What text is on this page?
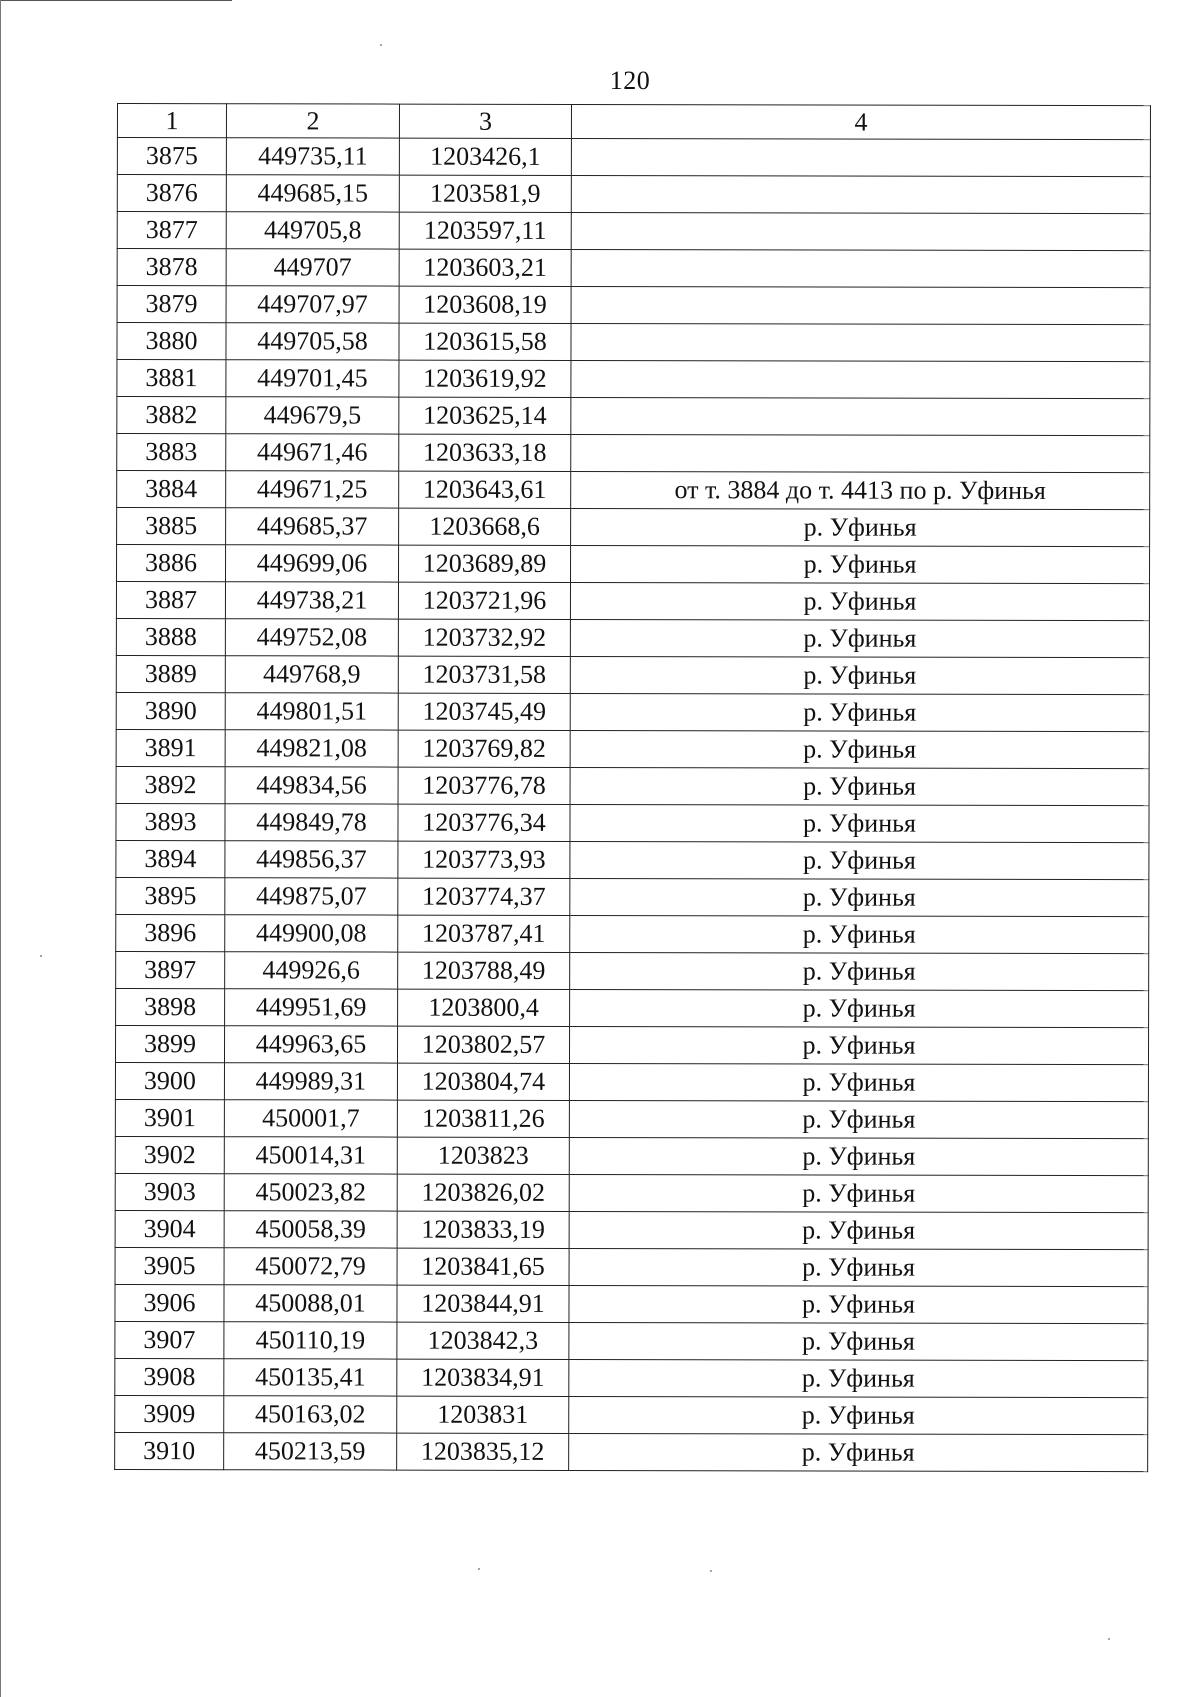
120
1	2	3	4
3875	449735,11	1203426,1	
3876	449685,15	1203581,9	
3877	449705,8	1203597,11	
3878	449707	1203603,21	
3879	449707,97	1203608,19	
3880	449705,58	1203615,58	
3881	449701,45	1203619,92	
3882	449679,5	1203625,14	
3883	449671,46	1203633,18	
3884	449671,25	1203643,61	от т. 3884 до т. 4413 по р. Уфинья
3885	449685,37	1203668,6	р. Уфинья
3886	449699,06	1203689,89	р. Уфинья
3887	449738,21	1203721,96	р. Уфинья
3888	449752,08	1203732,92	р. Уфинья
3889	449768,9	1203731,58	р. Уфинья
3890	449801,51	1203745,49	р. Уфинья
3891	449821,08	1203769,82	р. Уфинья
3892	449834,56	1203776,78	р. Уфинья
3893	449849,78	1203776,34	р. Уфинья
3894	449856,37	1203773,93	р. Уфинья
3895	449875,07	1203774,37	р. Уфинья
3896	449900,08	1203787,41	р. Уфинья
3897	449926,6	1203788,49	р. Уфинья
3898	449951,69	1203800,4	р. Уфинья
3899	449963,65	1203802,57	р. Уфинья
3900	449989,31	1203804,74	р. Уфинья
3901	450001,7	1203811,26	р. Уфинья
3902	450014,31	1203823	р. Уфинья
3903	450023,82	1203826,02	р. Уфинья
3904	450058,39	1203833,19	р. Уфинья
3905	450072,79	1203841,65	р. Уфинья
3906	450088,01	1203844,91	р. Уфинья
3907	450110,19	1203842,3	р. Уфинья
3908	450135,41	1203834,91	р. Уфинья
3909	450163,02	1203831	р. Уфинья
3910	450213,59	1203835,12	р. Уфинья
